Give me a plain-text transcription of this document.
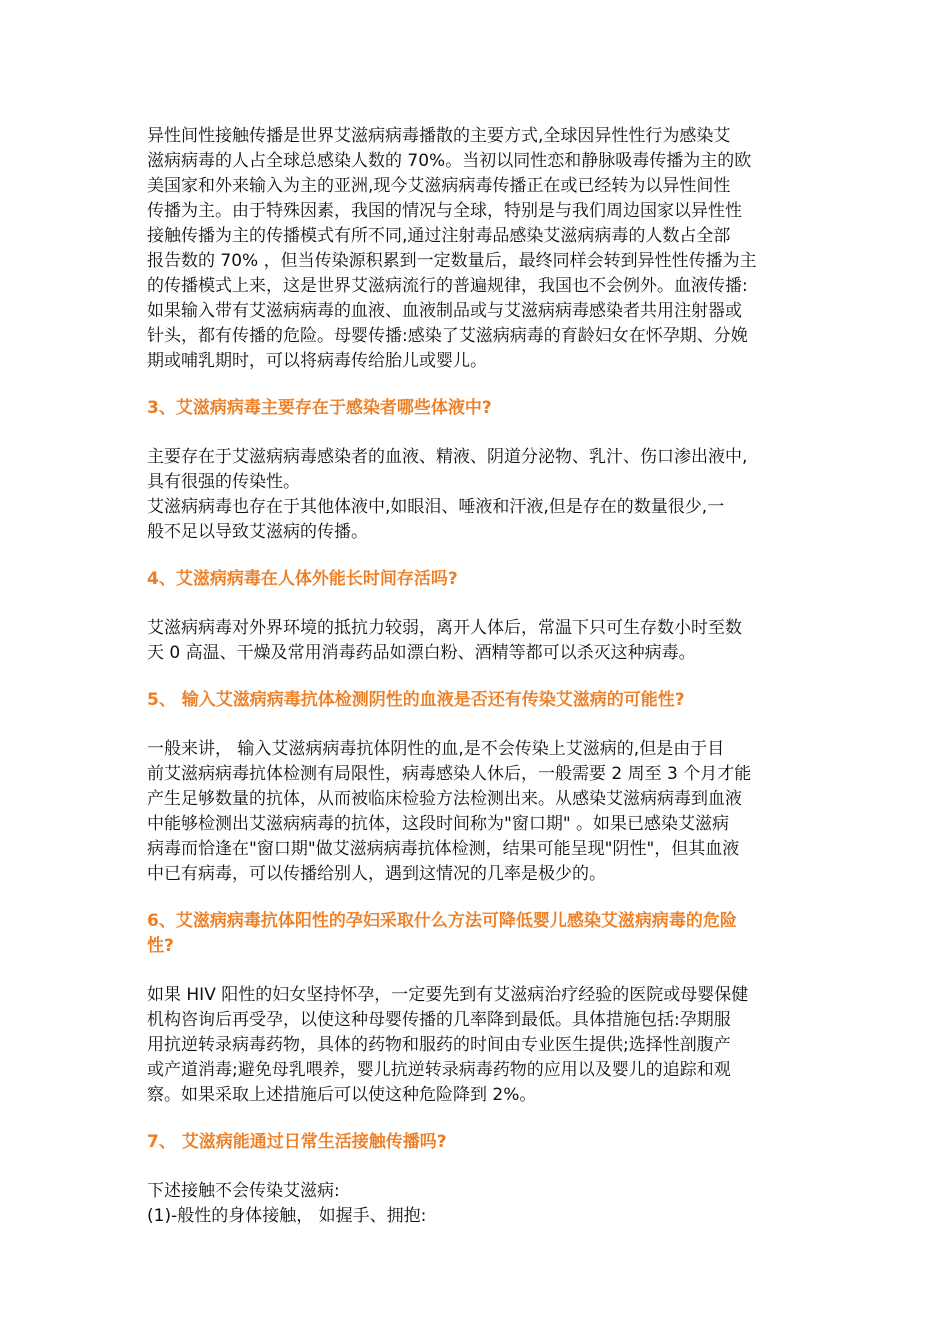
异性间性接触传播是世界艾滋病病毒播散的主要方式,全球因异性性行为感染艾
滋病病毒的人占全球总感染人数的 70%。当初以同性恋和静脉吸毒传播为主的欧
美国家和外来输入为主的亚洲,现今艾滋病病毒传播正在或已经转为以异性间性
传播为主。由于特殊因素，我国的情况与全球，特别是与我们周边国家以异性性
接触传播为主的传播模式有所不同,通过注射毒品感染艾滋病病毒的人数占全部
报告数的 70% ，但当传染源积累到一定数量后，最终同样会转到异性性传播为主
的传播模式上来，这是世界艾滋病流行的普遍规律，我国也不会例外。血液传播:
如果输入带有艾滋病病毒的血液、血液制品或与艾滋病病毒感染者共用注射器或
针头，都有传播的危险。母婴传播:感染了艾滋病病毒的育龄妇女在怀孕期、分娩
期或哺乳期时，可以将病毒传给胎儿或婴儿。

3、艾滋病病毒主要存在于感染者哪些体液中?

主要存在于艾滋病病毒感染者的血液、精液、阴道分泌物、乳汁、伤口渗出液中,
具有很强的传染性。
艾滋病病毒也存在于其他体液中,如眼泪、唾液和汗液,但是存在的数量很少,一
般不足以导致艾滋病的传播。

4、艾滋病病毒在人体外能长时间存活吗?

艾滋病病毒对外界环境的抵抗力较弱，离开人体后，常温下只可生存数小时至数
天 0 高温、干燥及常用消毒药品如漂白粉、酒精等都可以杀灭这种病毒。

5、 输入艾滋病病毒抗体检测阴性的血液是否还有传染艾滋病的可能性?

一般来讲， 输入艾滋病病毒抗体阴性的血,是不会传染上艾滋病的,但是由于目
前艾滋病病毒抗体检测有局限性，病毒感染人休后，一般需要 2 周至 3 个月才能
产生足够数量的抗体，从而被临床检验方法检测出来。从感染艾滋病病毒到血液
中能够检测出艾滋病病毒的抗体，这段时间称为"窗口期" 。如果已感染艾滋病
病毒而恰逢在"窗口期"做艾滋病病毒抗体检测，结果可能呈现"阴性"，但其血液
中已有病毒，可以传播给别人，遇到这情况的几率是极少的。

6、艾滋病病毒抗体阳性的孕妇采取什么方法可降低婴儿感染艾滋病病毒的危险
性?

如果 HIV 阳性的妇女坚持怀孕，一定要先到有艾滋病治疗经验的医院或母婴保健
机构咨询后再受孕，以使这种母婴传播的几率降到最低。具体措施包括:孕期服
用抗逆转录病毒药物，具体的药物和服药的时间由专业医生提供;选择性剖腹产
或产道消毒;避免母乳喂养，婴儿抗逆转录病毒药物的应用以及婴儿的追踪和观
察。如果采取上述措施后可以使这种危险降到 2%。

7、 艾滋病能通过日常生活接触传播吗?

下述接触不会传染艾滋病:
(1)-般性的身体接触， 如握手、拥抱:
